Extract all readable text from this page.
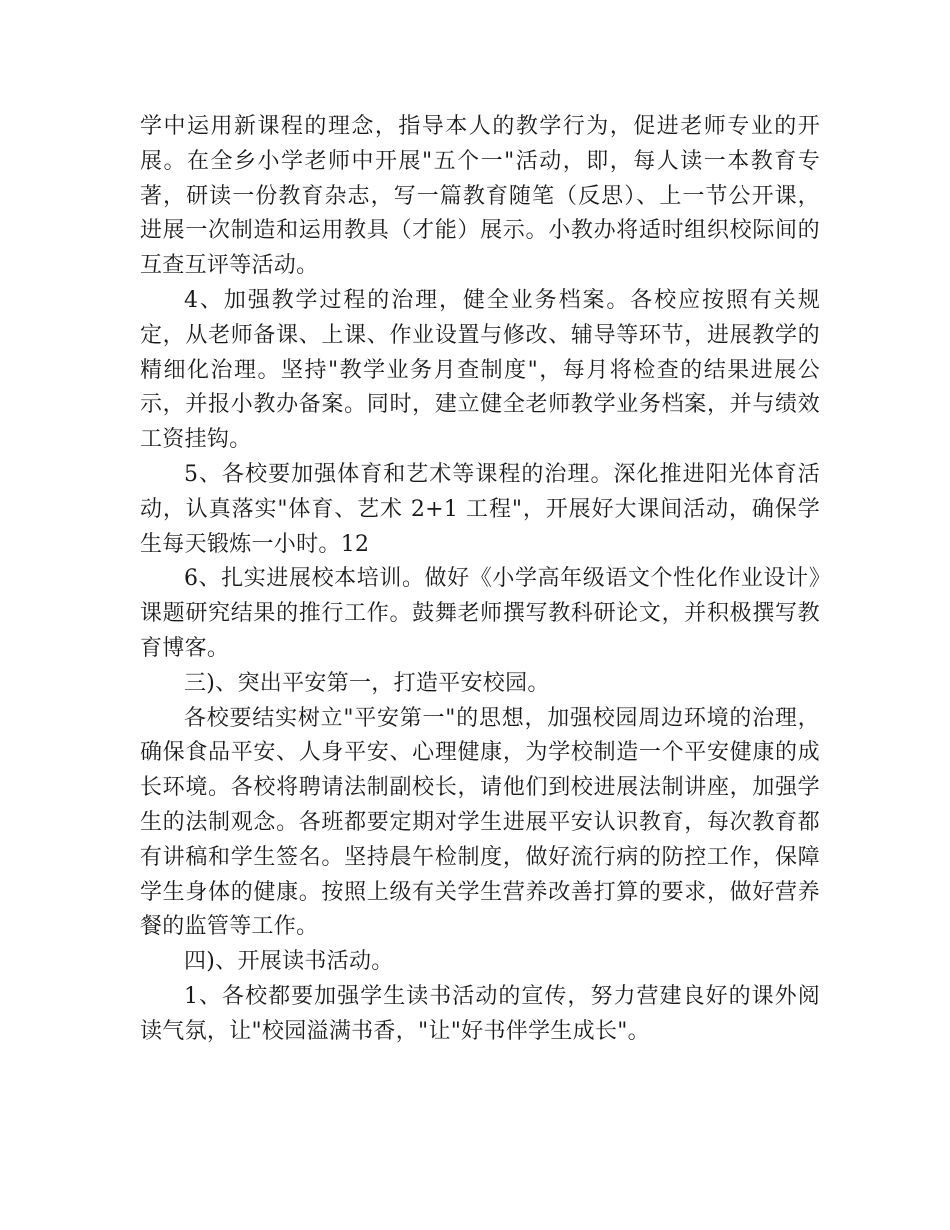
学中运用新课程的理念，指导本人的教学行为，促进老师专业的开展。在全乡小学老师中开展"五个一"活动，即，每人读一本教育专著，研读一份教育杂志，写一篇教育随笔（反思）、上一节公开课，进展一次制造和运用教具（才能）展示。小教办将适时组织校际间的互查互评等活动。

4、加强教学过程的治理，健全业务档案。各校应按照有关规定，从老师备课、上课、作业设置与修改、辅导等环节，进展教学的精细化治理。坚持"教学业务月查制度"，每月将检查的结果进展公示，并报小教办备案。同时，建立健全老师教学业务档案，并与绩效工资挂钩。

5、各校要加强体育和艺术等课程的治理。深化推进阳光体育活动，认真落实"体育、艺术 2+1 工程"，开展好大课间活动，确保学生每天锻炼一小时。12

6、扎实进展校本培训。做好《小学高年级语文个性化作业设计》课题研究结果的推行工作。鼓舞老师撰写教科研论文，并积极撰写教育博客。

三)、突出平安第一，打造平安校园。

各校要结实树立"平安第一"的思想，加强校园周边环境的治理，确保食品平安、人身平安、心理健康，为学校制造一个平安健康的成长环境。各校将聘请法制副校长，请他们到校进展法制讲座，加强学生的法制观念。各班都要定期对学生进展平安认识教育，每次教育都有讲稿和学生签名。坚持晨午检制度，做好流行病的防控工作，保障学生身体的健康。按照上级有关学生营养改善打算的要求，做好营养餐的监管等工作。

四)、开展读书活动。

1、各校都要加强学生读书活动的宣传，努力营建良好的课外阅读气氛，让"校园溢满书香，"让"好书伴学生成长"。
